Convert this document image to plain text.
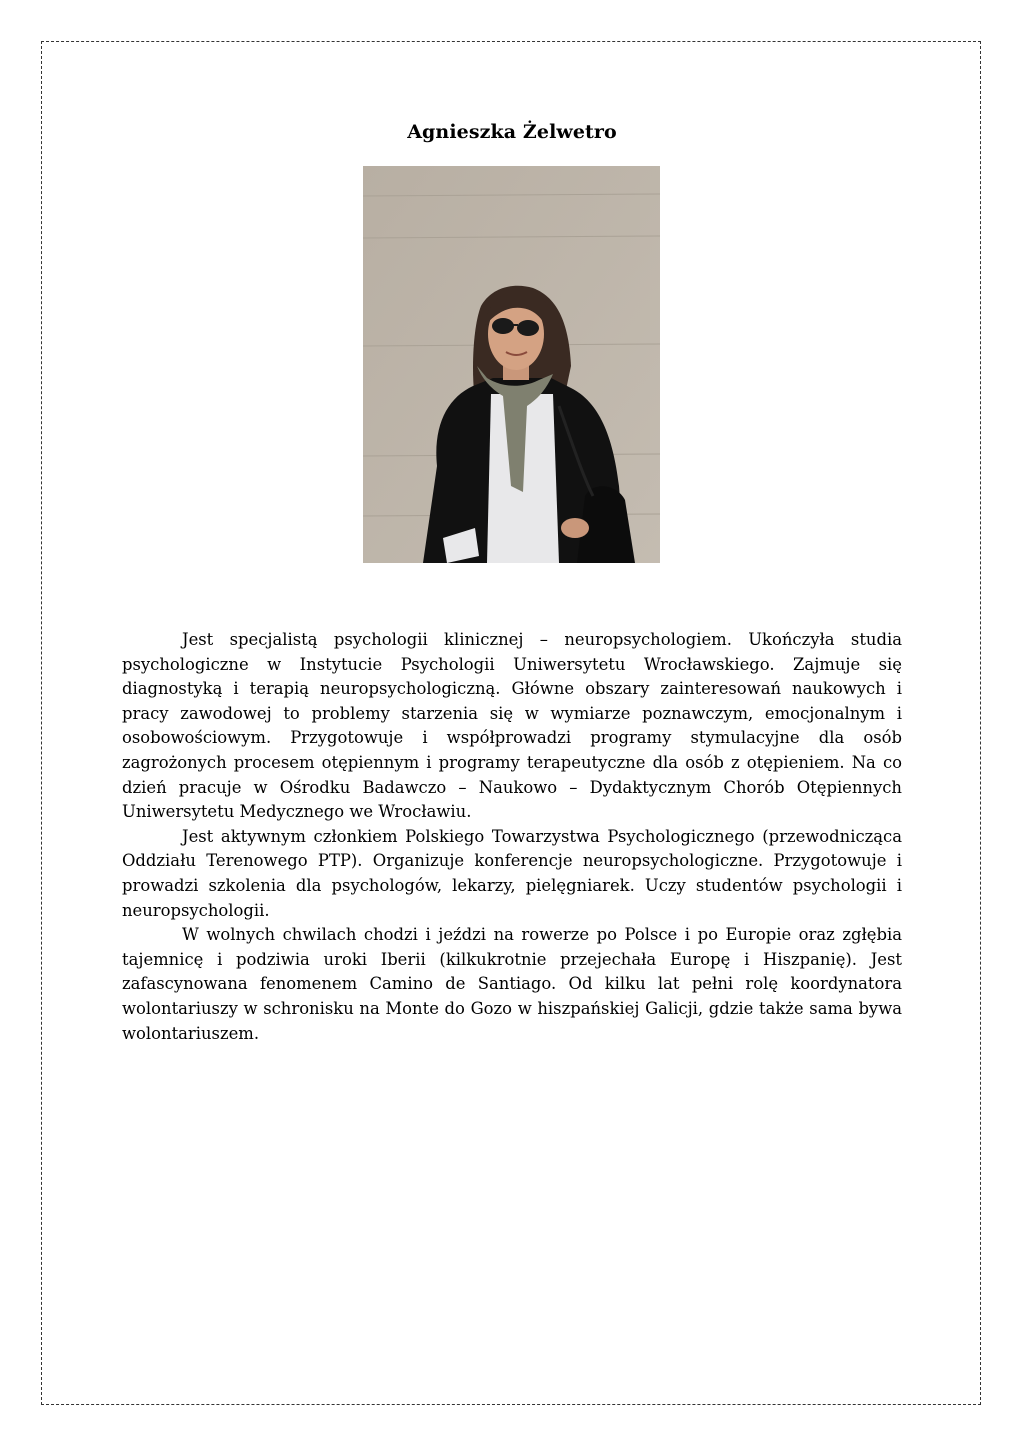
Agnieszka Żelwetro

Jest specjalistą psychologii klinicznej – neuropsychologiem. Ukończyła studia psychologiczne w Instytucie Psychologii Uniwersytetu Wrocławskiego. Zajmuje się diagnostyką i terapią neuropsychologiczną. Główne obszary zainteresowań naukowych i pracy zawodowej to problemy starzenia się w wymiarze poznawczym, emocjonalnym i osobowościowym. Przygotowuje i współprowadzi programy stymulacyjne dla osób zagrożonych procesem otępiennym i programy terapeutyczne dla osób z otępieniem. Na co dzień pracuje w Ośrodku Badawczo – Naukowo – Dydaktycznym Chorób Otępiennych Uniwersytetu Medycznego we Wrocławiu.

Jest aktywnym członkiem Polskiego Towarzystwa Psychologicznego (przewodnicząca Oddziału Terenowego PTP). Organizuje konferencje neuropsychologiczne. Przygotowuje i prowadzi szkolenia dla psychologów, lekarzy, pielęgniarek. Uczy studentów psychologii i neuropsychologii.

W wolnych chwilach chodzi i jeździ na rowerze po Polsce i po Europie oraz zgłębia tajemnicę i podziwia uroki Iberii (kilkukrotnie przejechała Europę i Hiszpanię). Jest zafascynowana fenomenem Camino de Santiago. Od kilku lat pełni rolę koordynatora wolontariuszy w schronisku na Monte do Gozo w hiszpańskiej Galicji, gdzie także sama bywa wolontariuszem.
